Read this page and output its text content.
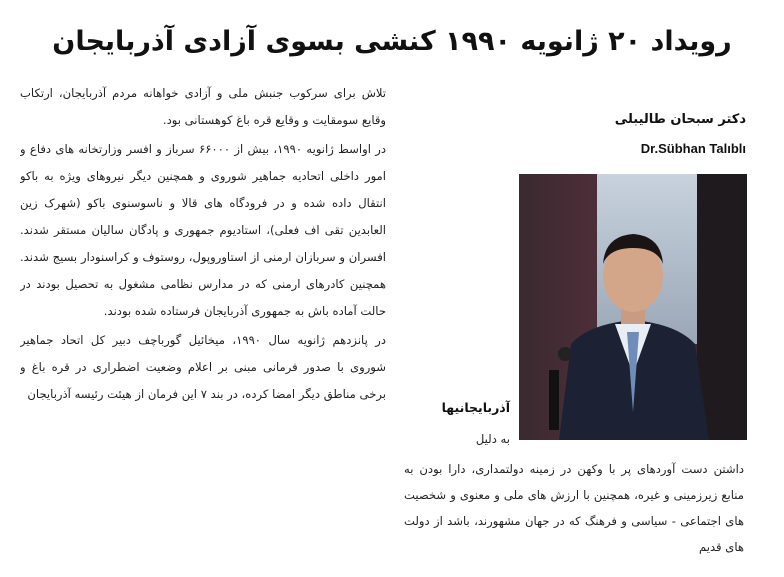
رویداد ۲۰ ژانویه ۱۹۹۰ کنشی بسوی آزادی آذربایجان

تلاش برای سرکوب جنبش ملی و آزادی خواهانه مردم آذربایجان، ارتکاب وقایع سومقایت و وقایع قره باغ کوهستانی بود.

در اواسط ژانویه ۱۹۹۰، بیش از ۶۶۰۰۰ سرباز و افسر وزارتخانه های دفاع و امور داخلی اتحادیه جماهیر شوروی و همچنین دیگر نیروهای ویژه به باکو انتقال داده شده و در فرودگاه های قالا و ناسوسنوی باکو (شهرک زین العابدین تقی اف فعلی)، استادیوم جمهوری و پادگان سالیان مستقر شدند. افسران و سربازان ارمنی از استاوروپول، روستوف و کراسنودار بسیج شدند. همچنین کادرهای ارمنی که در مدارس نظامی مشغول به تحصیل بودند در حالت آماده باش به جمهوری آذربایجان فرستاده شده بودند.

در پانزدهم ژانویه سال ۱۹۹۰، میخائیل گورباچف دبیر کل اتحاد جماهیر شوروی با صدور فرمانی مبنی بر اعلام وضعیت اضطراری در قره باغ و برخی مناطق دیگر امضا کرده، در بند ۷ این فرمان از هیئت رئیسه آذربایجان

دکتر سبحان طالیبلی
Dr.Sübhan Talıblı
آذربایجانیها
به دلیل
داشتن دست آوردهای پر با وکهن در زمینه دولتمداری، دارا بودن به منابع زیرزمینی و غیره، همچنین با ارزش های ملی و معنوی و شخصیت های اجتماعی - سیاسی و فرهنگ که در جهان مشهورند، باشد از دولت های قدیم
